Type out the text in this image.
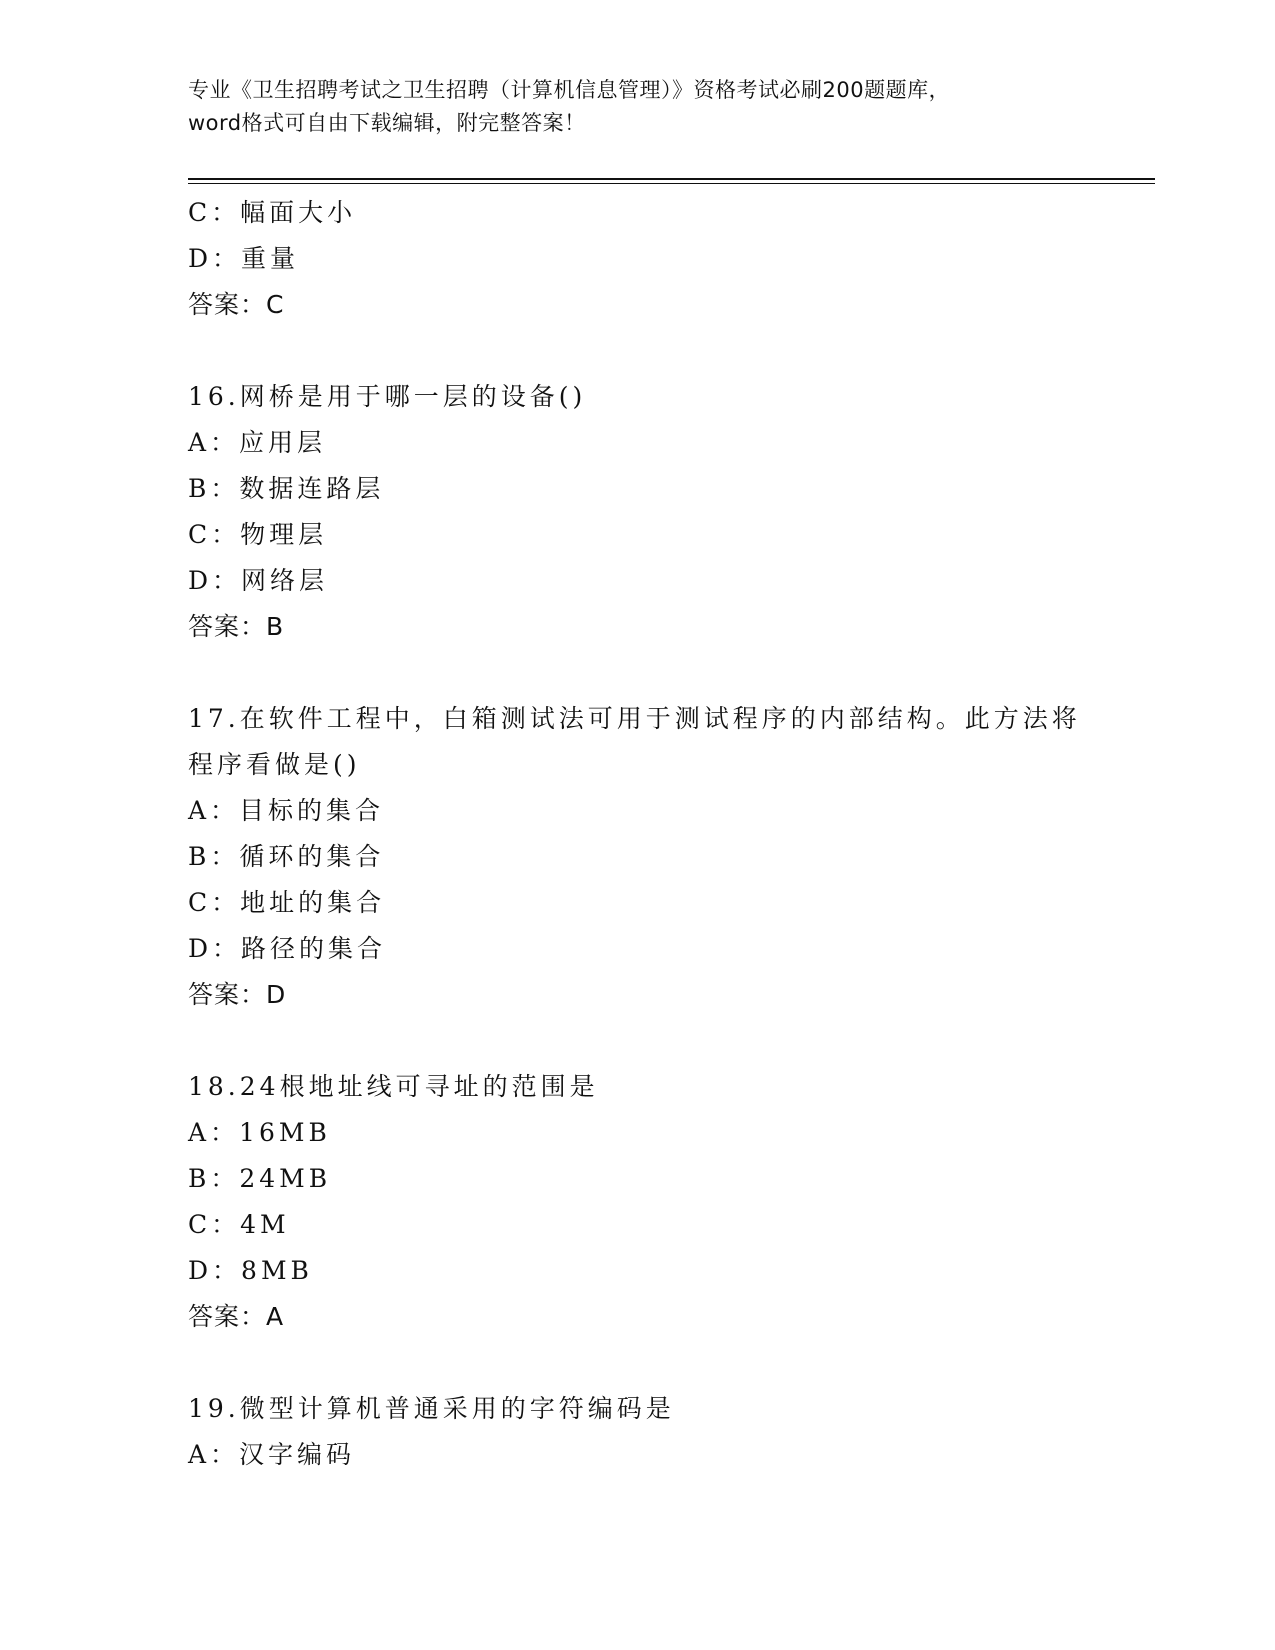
专业《卫生招聘考试之卫生招聘（计算机信息管理）》资格考试必刷200题题库，
word格式可自由下载编辑，附完整答案！
C：幅面大小
D：重量
答案：C
16.网桥是用于哪一层的设备()
A：应用层
B：数据连路层
C：物理层
D：网络层
答案：B
17.在软件工程中，白箱测试法可用于测试程序的内部结构。此方法将
程序看做是()
A：目标的集合
B：循环的集合
C：地址的集合
D：路径的集合
答案：D
18.24根地址线可寻址的范围是
A：16MB
B：24MB
C：4M
D：8MB
答案：A
19.微型计算机普通采用的字符编码是
A：汉字编码
